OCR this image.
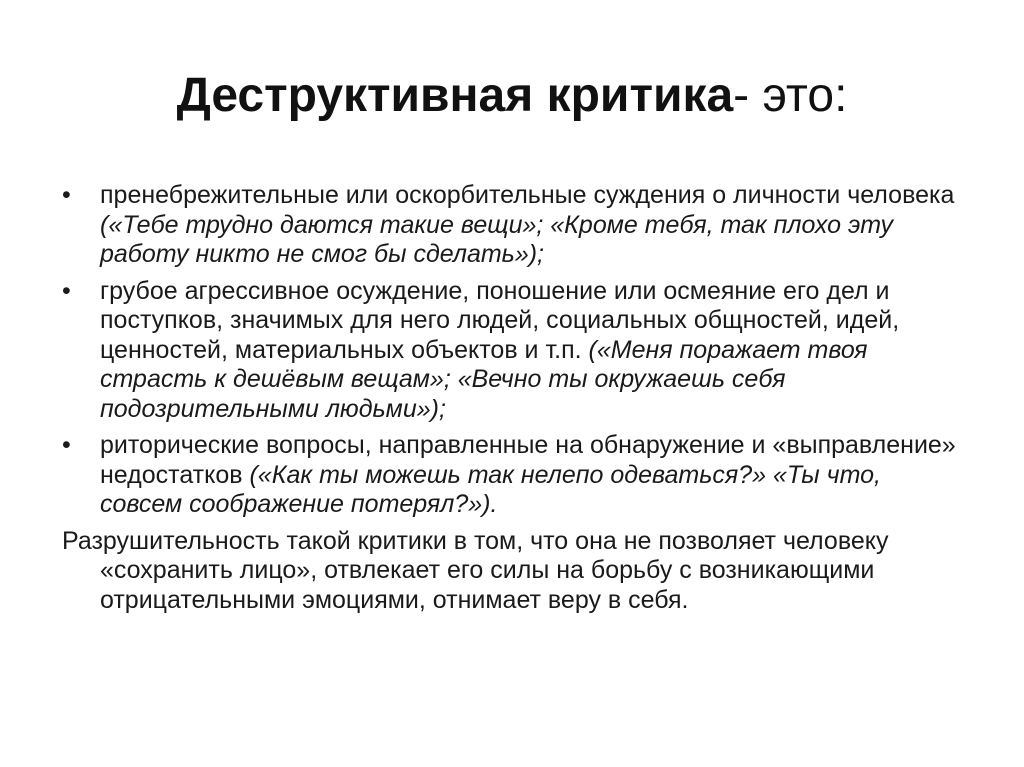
Деструктивная критика- это:
•	пренебрежительные или оскорбительные суждения о личности человека («Тебе трудно даются такие вещи»; «Кроме тебя, так плохо эту работу никто не смог бы сделать»);
•	грубое агрессивное осуждение, поношение или осмеяние его дел и поступков, значимых для него людей, социальных общностей, идей, ценностей, материальных объектов и т.п. («Меня поражает твоя страсть к дешёвым вещам»; «Вечно ты окружаешь себя подозрительными людьми»);
•	риторические вопросы, направленные на обнаружение и «выправление» недостатков («Как ты можешь так нелепо одеваться?» «Ты что, совсем соображение потерял?»).

Разрушительность такой критики в том, что она не позволяет человеку «сохранить лицо», отвлекает его силы на борьбу с возникающими отрицательными эмоциями, отнимает веру в себя.
